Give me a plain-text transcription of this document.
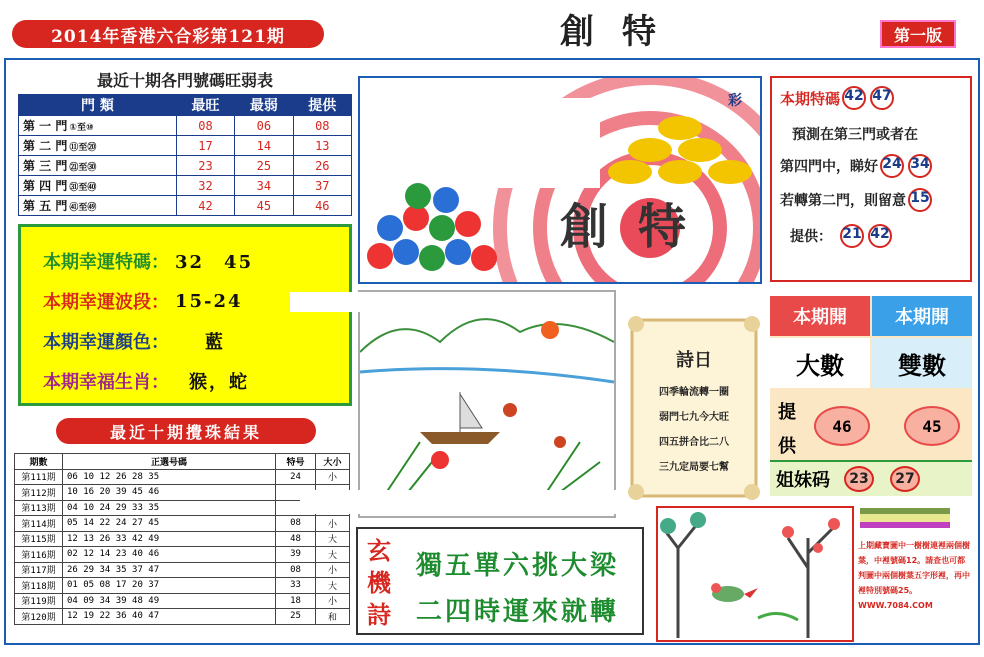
2014年香港六合彩第121期	創特	第一版
最近十期各門號碼旺弱表
門 類	最旺	最弱	提供
第 一 門 ①至⑩	08	06	08
第 二 門 ⑪至⑳	17	14	13
第 三 門 ㉑至㉚	23	25	26
第 四 門 ㉛至㊵	32	34	37
第 五 門 ㊶至㊾	42	45	46
本期幸運特碼： 32　45
本期幸運波段： 15-24
本期幸運顏色： 藍
本期幸福生肖： 猴，蛇
最近十期攪珠結果
期數	正選号碼	特号	大小
第111期	06 10 12 26 28 35	24	小
第112期	10 16 20 39 45 46		
第113期	04 10 24 29 33 35		
第114期	05 14 22 24 27 45	08	小
第115期	12 13 26 33 42 49	48	大
第116期	02 12 14 23 40 46	39	大
第117期	26 29 34 35 37 47	08	小
第118期	01 05 08 17 20 37	33	大
第119期	04 09 34 39 48 49	18	小
第120期	12 19 22 36 40 47	25	和
創特
彩
詩日
四季輪流轉一圈
弱門七九今大旺
四五拼合比二八
三九定局要七幫
玄機詩
獨五單六挑大梁
二四時運來就轉
本期特碼 42 47
預測在第三門或者在
第四門中，睇好 24 34
若轉第二門，則留意 15
提供： 21 42
本期開	本期開
大數	雙數
提供
46	45
姐妹码	23	27
上期藏寶圖中一樹樹連裡兩個樹葉，中裡號碼12。請查也可都判圖中兩個樹葉五字形裡，再中裡特別號碼25。WWW.7084.COM
